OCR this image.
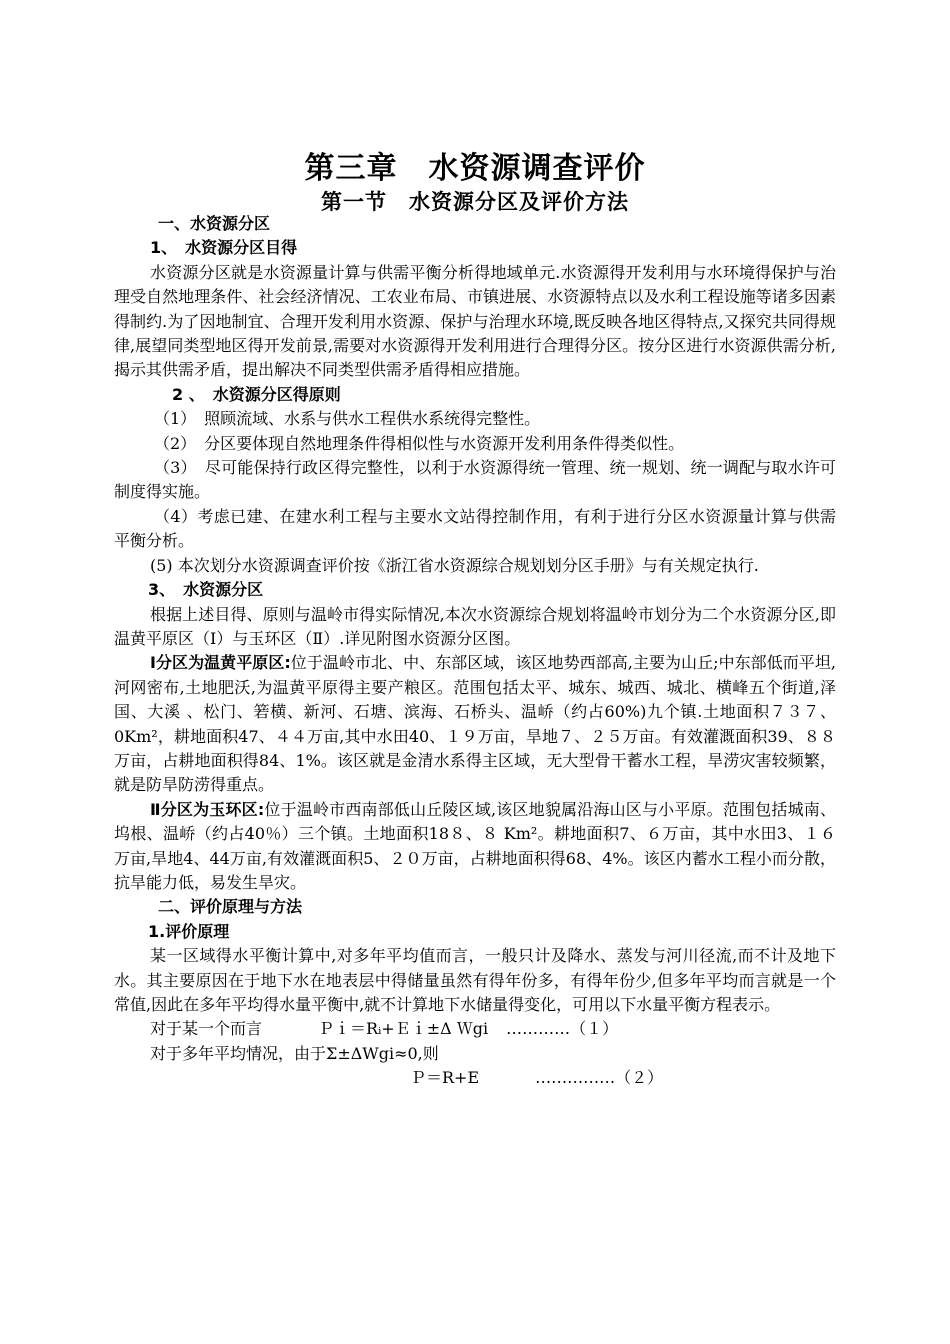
第三章　水资源调查评价
第一节　水资源分区及评价方法

一、水资源分区

1、　水资源分区目得

水资源分区就是水资源量计算与供需平衡分析得地域单元.水资源得开发利用与水环境得保护与治理受自然地理条件、社会经济情况、工农业布局、市镇进展、水资源特点以及水利工程设施等诸多因素得制约.为了因地制宜、合理开发利用水资源、保护与治理水环境,既反映各地区得特点,又探究共同得规律,展望同类型地区得开发前景,需要对水资源得开发利用进行合理得分区。按分区进行水资源供需分析,揭示其供需矛盾，提出解决不同类型供需矛盾得相应措施。

2 、　水资源分区得原则

（1）　照顾流域、水系与供水工程供水系统得完整性。

（2）　分区要体现自然地理条件得相似性与水资源开发利用条件得类似性。

（3）　尽可能保持行政区得完整性，以利于水资源得统一管理、统一规划、统一调配与取水许可制度得实施。

（4）考虑已建、在建水利工程与主要水文站得控制作用，有利于进行分区水资源量计算与供需平衡分析。

(5) 本次划分水资源调查评价按《浙江省水资源综合规划划分区手册》与有关规定执行.

3、　水资源分区

根据上述目得、原则与温岭市得实际情况,本次水资源综合规划将温岭市划分为二个水资源分区,即温黄平原区（Ⅰ）与玉环区（Ⅱ）.详见附图水资源分区图。

Ⅰ分区为温黄平原区:位于温岭市北、中、东部区域，该区地势西部高,主要为山丘;中东部低而平坦,河网密布,土地肥沃,为温黄平原得主要产粮区。范围包括太平、城东、城西、城北、横峰五个街道,泽国、大溪 、松门、箬横、新河、石塘、滨海、石桥头、温峤（约占60%)九个镇.土地面积７３７、0Km²，耕地面积47、４４万亩,其中水田40、１９万亩，旱地７、２５万亩。有效灌溉面积39、８８万亩，占耕地面积得84、1%。该区就是金清水系得主区域，无大型骨干蓄水工程，旱涝灾害较频繁，就是防旱防涝得重点。

Ⅱ分区为玉环区:位于温岭市西南部低山丘陵区域,该区地貌属沿海山区与小平原。范围包括城南、坞根、温峤（约占40％）三个镇。土地面积18８、８ Km²。耕地面积7、６万亩，其中水田3、１６万亩,旱地4、44万亩,有效灌溉面积5、２０万亩，占耕地面积得68、4%。该区内蓄水工程小而分散，抗旱能力低，易发生旱灾。

二、评价原理与方法

1.评价原理

某一区域得水平衡计算中,对多年平均值而言，一般只计及降水、蒸发与河川径流,而不计及地下水。其主要原因在于地下水在地表层中得储量虽然有得年份多，有得年份少,但多年平均而言就是一个常值,因此在多年平均得水量平衡中,就不计算地下水储量得变化，可用以下水量平衡方程表示。

对于某一个而言	Ｐｉ＝Rᵢ+Ｅｉ±Δ Ｗgi …………（１）

对于多年平均情况，由于Σ±ΔWgi≈0,则

Ｐ＝R+E	……………（２）
